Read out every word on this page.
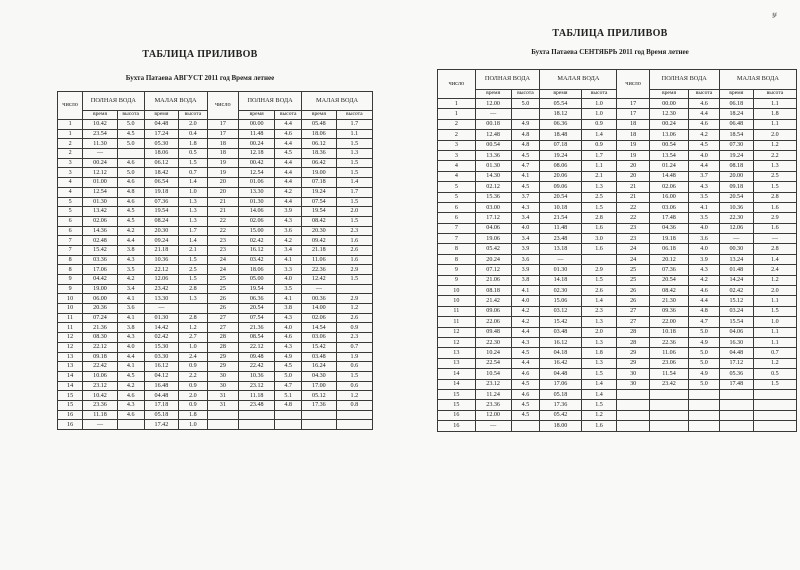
ТАБЛИЦА ПРИЛИВОВ
Бухта Патаева АВГУСТ 2011 год Время летнее
число	ПОЛНАЯ ВОДА		МАЛАЯ ВОДА		число	ПОЛНАЯ ВОДА		МАЛАЯ ВОДА	
	время	высота	время	высота		время	высота	время	высота
1	10.42	5.0	04.48	2.0	17	00.00	4.4	05.48	1.7
1	23.54	4.5	17.24	0.4	17	11.48	4.6	18.06	1.1
2	11.30	5.0	05.30	1.8	18	00.24	4.4	06.12	1.5
2	—		18.06	0.5	18	12.18	4.5	18.36	1.3
3	00.24	4.6	06.12	1.5	19	00.42	4.4	06.42	1.5
3	12.12	5.0	18.42	0.7	19	12.54	4.4	19.00	1.5
4	01.00	4.6	06.54	1.4	20	01.06	4.4	07.18	1.4
4	12.54	4.8	19.18	1.0	20	13.30	4.2	19.24	1.7
5	01.30	4.6	07.36	1.3	21	01.30	4.4	07.54	1.5
5	13.42	4.5	19.54	1.3	21	14.06	3.9	19.54	2.0
6	02.06	4.5	08.24	1.3	22	02.06	4.3	08.42	1.5
6	14.36	4.2	20.30	1.7	22	15.00	3.6	20.30	2.3
7	02.48	4.4	09.24	1.4	23	02.42	4.2	09.42	1.6
7	15.42	3.8	21.18	2.1	23	16.12	3.4	21.18	2.6
8	03.36	4.3	10.36	1.5	24	03.42	4.1	11.06	1.6
8	17.06	3.5	22.12	2.5	24	18.06	3.3	22.36	2.9
9	04.42	4.2	12.06	1.5	25	05.00	4.0	12.42	1.5
9	19.00	3.4	23.42	2.8	25	19.54	3.5	—	
10	06.00	4.1	13.30	1.3	26	06.36	4.1	00.36	2.9
10	20.36	3.6	—		26	20.54	3.8	14.00	1.2
11	07.24	4.1	01.30	2.8	27	07.54	4.3	02.06	2.6
11	21.36	3.8	14.42	1.2	27	21.36	4.0	14.54	0.9
12	08.30	4.3	02.42	2.7	28	08.54	4.6	03.06	2.3
12	22.12	4.0	15.30	1.0	28	22.12	4.3	15.42	0.7
13	09.18	4.4	03.30	2.4	29	09.48	4.9	03.48	1.9
13	22.42	4.1	16.12	0.9	29	22.42	4.5	16.24	0.6
14	10.06	4.5	04.12	2.2	30	10.36	5.0	04.30	1.5
14	23.12	4.2	16.48	0.9	30	23.12	4.7	17.00	0.6
15	10.42	4.6	04.48	2.0	31	11.18	5.1	05.12	1.2
15	23.36	4.3	17.18	0.9	31	23.48	4.8	17.36	0.8
16	11.18	4.6	05.18	1.8					
16	—		17.42	1.0					
ТАБЛИЦА ПРИЛИВОВ
Бухта Патаева СЕНТЯБРЬ 2011 год Время летнее
𝓎
число	ПОЛНАЯ ВОДА		МАЛАЯ ВОДА		число	ПОЛНАЯ ВОДА		МАЛАЯ ВОДА	
	время	высота	время	высота		время	высота	время	высота
1	12.00	5.0	05.54	1.0	17	00.00	4.6	06.18	1.1
1	—		18.12	1.0	17	12.30	4.4	18.24	1.8
2	00.18	4.9	06.36	0.9	18	00.24	4.6	06.48	1.1
2	12.48	4.8	18.48	1.4	18	13.06	4.2	18.54	2.0
3	00.54	4.8	07.18	0.9	19	00.54	4.5	07.30	1.2
3	13.36	4.5	19.24	1.7	19	13.54	4.0	19.24	2.2
4	01.30	4.7	08.06	1.1	20	01.24	4.4	08.18	1.3
4	14.30	4.1	20.06	2.1	20	14.48	3.7	20.00	2.5
5	02.12	4.5	09.06	1.3	21	02.06	4.3	09.18	1.5
5	15.36	3.7	20.54	2.5	21	16.00	3.5	20.54	2.8
6	03.00	4.3	10.18	1.5	22	03.06	4.1	10.36	1.6
6	17.12	3.4	21.54	2.8	22	17.48	3.5	22.30	2.9
7	04.06	4.0	11.48	1.6	23	04.36	4.0	12.06	1.6
7	19.06	3.4	23.48	3.0	23	19.18	3.6	—	—
8	05.42	3.9	13.18	1.6	24	06.18	4.0	00.30	2.8
8	20.24	3.6	—		24	20.12	3.9	13.24	1.4
9	07.12	3.9	01.30	2.9	25	07.36	4.3	01.48	2.4
9	21.06	3.8	14.18	1.5	25	20.54	4.2	14.24	1.2
10	08.18	4.1	02.30	2.6	26	08.42	4.6	02.42	2.0
10	21.42	4.0	15.06	1.4	26	21.30	4.4	15.12	1.1
11	09.06	4.2	03.12	2.3	27	09.36	4.8	03.24	1.5
11	22.06	4.2	15.42	1.3	27	22.00	4.7	15.54	1.0
12	09.48	4.4	03.48	2.0	28	10.18	5.0	04.06	1.1
12	22.30	4.3	16.12	1.3	28	22.36	4.9	16.30	1.1
13	10.24	4.5	04.18	1.8	29	11.06	5.0	04.48	0.7
13	22.54	4.4	16.42	1.3	29	23.06	5.0	17.12	1.2
14	10.54	4.6	04.48	1.5	30	11.54	4.9	05.36	0.5
14	23.12	4.5	17.06	1.4	30	23.42	5.0	17.48	1.5
15	11.24	4.6	05.18	1.4					
15	23.36	4.5	17.36	1.5					
16	12.00	4.5	05.42	1.2					
16	—		18.00	1.6					
